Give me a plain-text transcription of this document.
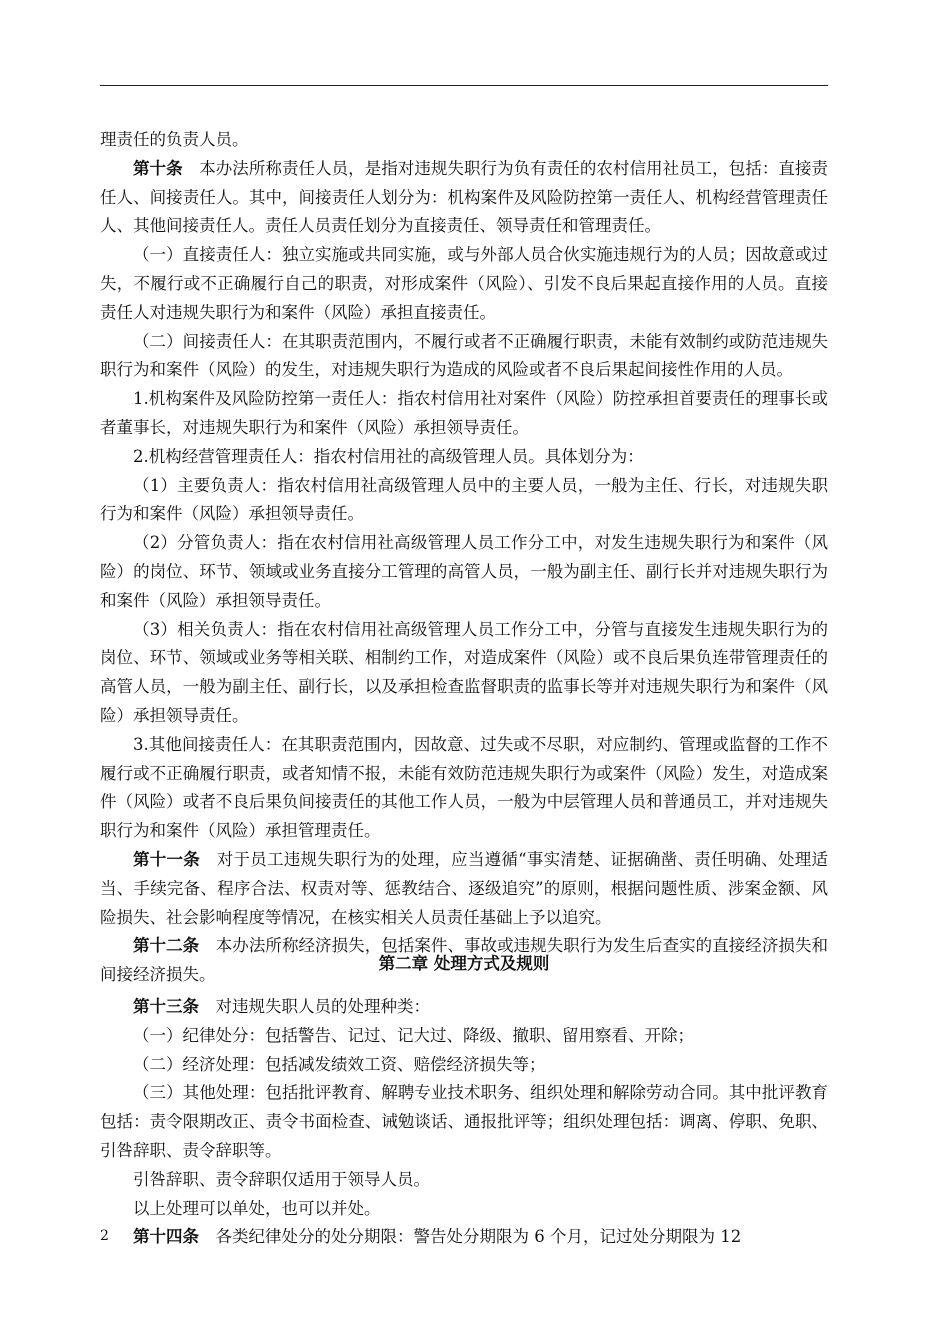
理责任的负责人员。

第十条　本办法所称责任人员，是指对违规失职行为负有责任的农村信用社员工，包括：直接责任人、间接责任人。其中，间接责任人划分为：机构案件及风险防控第一责任人、机构经营管理责任人、其他间接责任人。责任人员责任划分为直接责任、领导责任和管理责任。

（一）直接责任人：独立实施或共同实施，或与外部人员合伙实施违规行为的人员；因故意或过失，不履行或不正确履行自己的职责，对形成案件（风险）、引发不良后果起直接作用的人员。直接责任人对违规失职行为和案件（风险）承担直接责任。

（二）间接责任人：在其职责范围内，不履行或者不正确履行职责，未能有效制约或防范违规失职行为和案件（风险）的发生，对违规失职行为造成的风险或者不良后果起间接性作用的人员。

1.机构案件及风险防控第一责任人：指农村信用社对案件（风险）防控承担首要责任的理事长或者董事长，对违规失职行为和案件（风险）承担领导责任。

2.机构经营管理责任人：指农村信用社的高级管理人员。具体划分为：

（1）主要负责人：指农村信用社高级管理人员中的主要人员，一般为主任、行长，对违规失职行为和案件（风险）承担领导责任。

（2）分管负责人：指在农村信用社高级管理人员工作分工中，对发生违规失职行为和案件（风险）的岗位、环节、领域或业务直接分工管理的高管人员，一般为副主任、副行长并对违规失职行为和案件（风险）承担领导责任。

（3）相关负责人：指在农村信用社高级管理人员工作分工中，分管与直接发生违规失职行为的岗位、环节、领域或业务等相关联、相制约工作，对造成案件（风险）或不良后果负连带管理责任的高管人员，一般为副主任、副行长，以及承担检查监督职责的监事长等并对违规失职行为和案件（风险）承担领导责任。

3.其他间接责任人：在其职责范围内，因故意、过失或不尽职，对应制约、管理或监督的工作不履行或不正确履行职责，或者知情不报，未能有效防范违规失职行为或案件（风险）发生，对造成案件（风险）或者不良后果负间接责任的其他工作人员，一般为中层管理人员和普通员工，并对违规失职行为和案件（风险）承担管理责任。

第十一条　对于员工违规失职行为的处理，应当遵循“事实清楚、证据确凿、责任明确、处理适当、手续完备、程序合法、权责对等、惩教结合、逐级追究”的原则，根据问题性质、涉案金额、风险损失、社会影响程度等情况，在核实相关人员责任基础上予以追究。

第十二条　本办法所称经济损失，包括案件、事故或违规失职行为发生后查实的直接经济损失和间接经济损失。

第二章 处理方式及规则

第十三条　对违规失职人员的处理种类：

（一）纪律处分：包括警告、记过、记大过、降级、撤职、留用察看、开除；

（二）经济处理：包括减发绩效工资、赔偿经济损失等；

（三）其他处理：包括批评教育、解聘专业技术职务、组织处理和解除劳动合同。其中批评教育包括：责令限期改正、责令书面检查、诫勉谈话、通报批评等；组织处理包括：调离、停职、免职、引咎辞职、责令辞职等。

引咎辞职、责令辞职仅适用于领导人员。

以上处理可以单处，也可以并处。

第十四条　各类纪律处分的处分期限：警告处分期限为 6 个月，记过处分期限为 12

2
